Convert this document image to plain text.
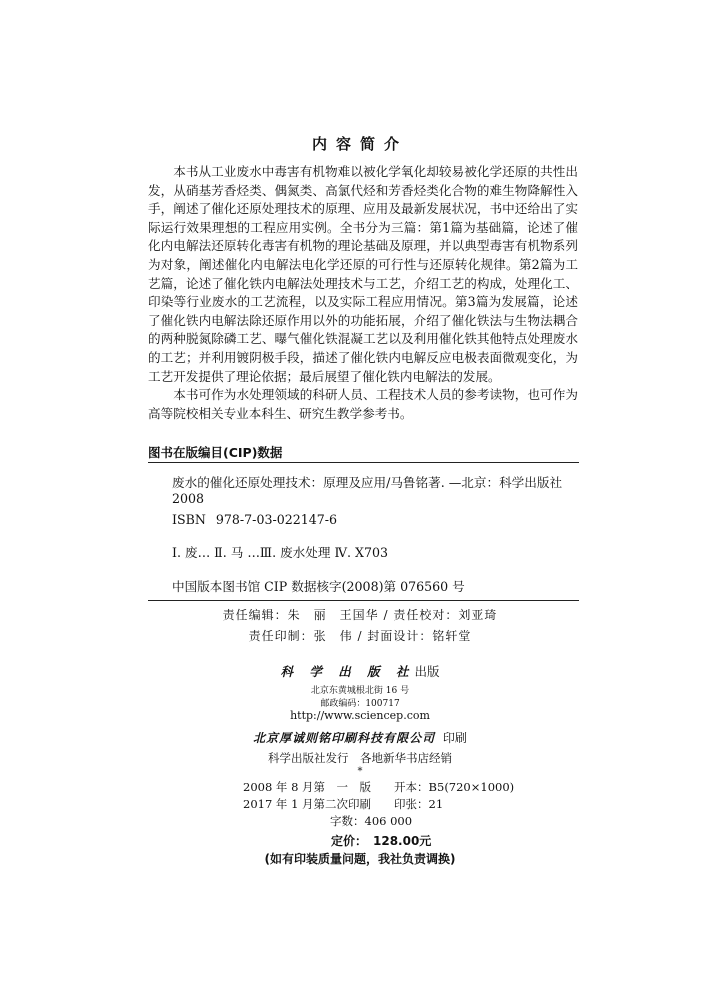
内容简介

本书从工业废水中毒害有机物难以被化学氧化却较易被化学还原的共性出发，从硝基芳香烃类、偶氮类、高氯代烃和芳香烃类化合物的难生物降解性入手，阐述了催化还原处理技术的原理、应用及最新发展状况，书中还给出了实际运行效果理想的工程应用实例。全书分为三篇：第1篇为基础篇，论述了催化内电解法还原转化毒害有机物的理论基础及原理，并以典型毒害有机物系列为对象，阐述催化内电解法电化学还原的可行性与还原转化规律。第2篇为工艺篇，论述了催化铁内电解法处理技术与工艺，介绍工艺的构成，处理化工、印染等行业废水的工艺流程，以及实际工程应用情况。第3篇为发展篇，论述了催化铁内电解法除还原作用以外的功能拓展，介绍了催化铁法与生物法耦合的两种脱氮除磷工艺、曝气催化铁混凝工艺以及利用催化铁其他特点处理废水的工艺；并利用镀阴极手段，描述了催化铁内电解反应电极表面微观变化，为工艺开发提供了理论依据；最后展望了催化铁内电解法的发展。

本书可作为水处理领域的科研人员、工程技术人员的参考读物，也可作为高等院校相关专业本科生、研究生教学参考书。

图书在版编目(CIP)数据
废水的催化还原处理技术：原理及应用/马鲁铭著. —北京：科学出版社
2008
ISBN 978-7-03-022147-6
Ⅰ. 废… Ⅱ. 马 …Ⅲ. 废水处理 Ⅳ. X703
中国版本图书馆 CIP 数据核字(2008)第 076560 号
责任编辑：朱　丽　王国华 / 责任校对：刘亚琦
责任印制：张　伟 / 封面设计：铭轩堂
科 学 出 版 社出版
北京东黄城根北街 16 号
邮政编码：100717
http://www.sciencep.com
北京厚诚则铭印刷科技有限公司 印刷
科学出版社发行　各地新华书店经销
*
2008 年 8 月第　一　版　　开本：B5(720×1000)
2017 年 1 月第二次印刷　　印张：21
字数：406 000
定价：　128.00元
(如有印装质量问题，我社负责调换)
